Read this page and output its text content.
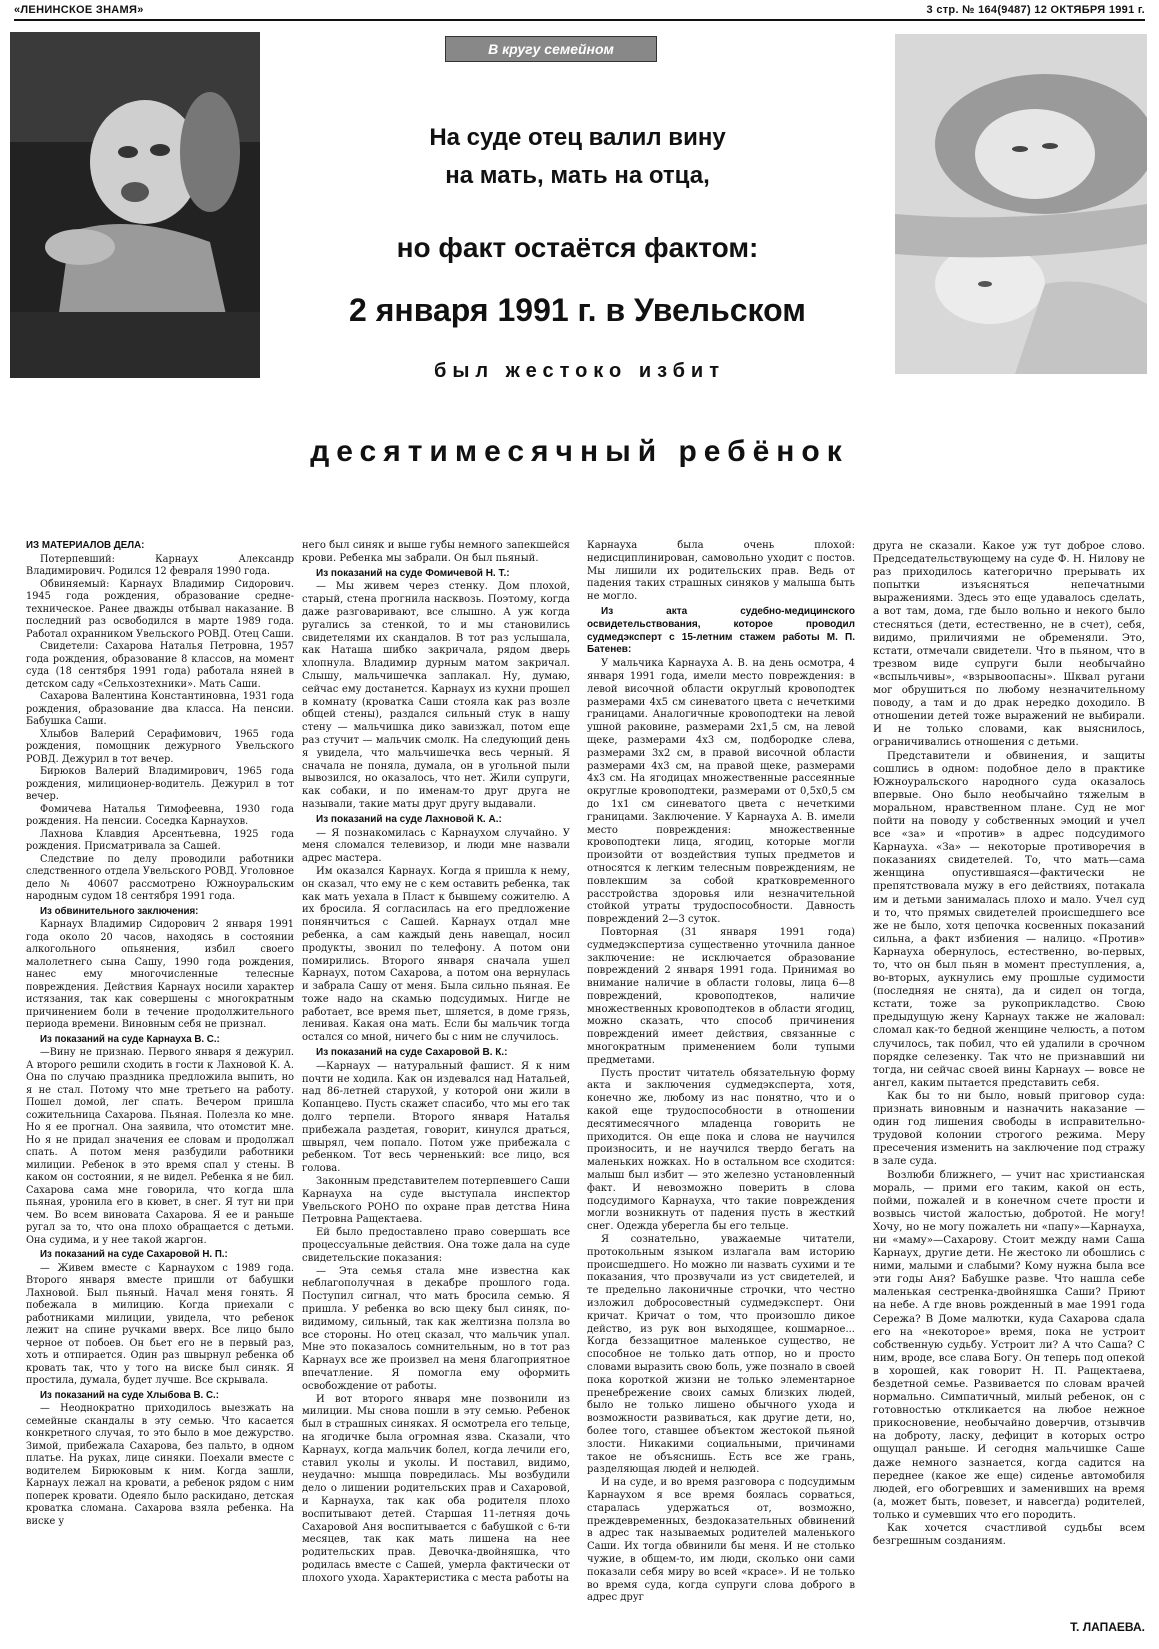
«ЛЕНИНСКОЕ ЗНАМЯ»	3 стр. № 164(9487) 12 ОКТЯБРЯ 1991 г.
В кругу семейном
На суде отец валил вину
на мать, мать на отца,
но факт остаётся фактом:
2 января 1991 г. в Увельском
был жестоко избит
десятимесячный ребёнок

ИЗ МАТЕРИАЛОВ ДЕЛА:

Потерпевший: Карнаух Александр Владимирович. Родился 12 февраля 1990 года.

Обвиняемый: Карнаух Владимир Сидорович. 1945 года рождения, образование средне-техническое. Ранее дважды отбывал наказание. В последний раз освободился в марте 1989 года. Работал охранником Увельского РОВД. Отец Саши.

Свидетели: Сахарова Наталья Петровна, 1957 года рождения, образование 8 классов, на момент суда (18 сентября 1991 года) работала няней в детском саду «Сельхозтехники». Мать Саши.

Сахарова Валентина Константиновна, 1931 года рождения, образование два класса. На пенсии. Бабушка Саши.

Хлыбов Валерий Серафимович, 1965 года рождения, помощник дежурного Увельского РОВД. Дежурил в тот вечер.

Бирюков Валерий Владимирович, 1965 года рождения, милиционер-водитель. Дежурил в тот вечер.

Фомичева Наталья Тимофеевна, 1930 года рождения. На пенсии. Соседка Карнаухов.

Лахнова Клавдия Арсентьевна, 1925 года рождения. Присматривала за Сашей.

Следствие по делу проводили работники следственного отдела Увельского РОВД. Уголовное дело № 40607 рассмотрено Южноуральским народным судом 18 сентября 1991 года.

Из обвинительного заключения:

Карнаух Владимир Сидорович 2 января 1991 года около 20 часов, находясь в состоянии алкогольного опьянения, избил своего малолетнего сына Сашу, 1990 года рождения, нанес ему многочисленные телесные повреждения. Действия Карнаух носили характер истязания, так как совершены с многократным причинением боли в течение продолжительного периода времени. Виновным себя не признал.

Из показаний на суде Карнауха В. С.:

—Вину не признаю. Первого января я дежурил. А второго решили сходить в гости к Лахновой К. А. Она по случаю праздника предложила выпить, но я не стал. Потому что мне третьего на работу. Пошел домой, лег спать. Вечером пришла сожительница Сахарова. Пьяная. Полезла ко мне. Но я ее прогнал. Она заявила, что отомстит мне. Но я не придал значения ее словам и продолжал спать. А потом меня разбудили работники милиции. Ребенок в это время спал у стены. В каком он состоянии, я не видел. Ребенка я не бил. Сахарова сама мне говорила, что когда шла пьяная, уронила его в кювет, в снег. Я тут ни при чем. Во всем виновата Сахарова. Я ее и раньше ругал за то, что она плохо обращается с детьми. Она судима, и у нее такой жаргон.

Из показаний на суде Сахаровой Н. П.:

— Живем вместе с Карнаухом с 1989 года. Второго января вместе пришли от бабушки Лахновой. Был пьяный. Начал меня гонять. Я побежала в милицию. Когда приехали с работниками милиции, увидела, что ребенок лежит на спине ручками вверх. Все лицо было черное от побоев. Он бьет его не в первый раз, хоть и отпирается. Один раз швырнул ребенка об кровать так, что у того на виске был синяк. Я простила, думала, будет лучше. Все скрывала.

Из показаний на суде Хлыбова В. С.:

— Неоднократно приходилось выезжать на семейные скандалы в эту семью. Что касается конкретного случая, то это было в мое дежурство. Зимой, прибежала Сахарова, без пальто, в одном платье. На руках, лице синяки. Поехали вместе с водителем Бирюковым к ним. Когда зашли, Карнаух лежал на кровати, а ребенок рядом с ним поперек кровати. Одеяло было раскидано, детская кроватка сломана. Сахарова взяла ребенка. На виске у

него был синяк и выше губы немного запекшейся крови. Ребенка мы забрали. Он был пьяный.

Из показаний на суде Фомичевой Н. Т.:

— Мы живем через стенку. Дом плохой, старый, стена прогнила насквозь. Поэтому, когда даже разговаривают, все слышно. А уж когда ругались за стенкой, то и мы становились свидетелями их скандалов. В тот раз услышала, как Наташа шибко закричала, рядом дверь хлопнула. Владимир дурным матом закричал. Слышу, мальчишечка заплакал. Ну, думаю, сейчас ему достанется. Карнаух из кухни прошел в комнату (кроватка Саши стояла как раз возле общей стены), раздался сильный стук в нашу стену — мальчишка дико завизжал, потом еще раз стучит — мальчик смолк. На следующий день я увидела, что мальчишечка весь черный. Я сначала не поняла, думала, он в угольной пыли вывозился, но оказалось, что нет. Жили супруги, как собаки, и по именам-то друг друга не называли, такие маты друг другу выдавали.

Из показаний на суде Лахновой К. А.:

— Я познакомилась с Карнаухом случайно. У меня сломался телевизор, и люди мне назвали адрес мастера.

Им оказался Карнаух. Когда я пришла к нему, он сказал, что ему не с кем оставить ребенка, так как мать уехала в Пласт к бывшему сожителю. А их бросила. Я согласилась на его предложение понянчиться с Сашей. Карнаух отдал мне ребенка, а сам каждый день навещал, носил продукты, звонил по телефону. А потом они помирились. Второго января сначала ушел Карнаух, потом Сахарова, а потом она вернулась и забрала Сашу от меня. Была сильно пьяная. Ее тоже надо на скамью подсудимых. Нигде не работает, все время пьет, шляется, в доме грязь, ленивая. Какая она мать. Если бы мальчик тогда остался со мной, ничего бы с ним не случилось.

Из показаний на суде Сахаровой В. К.:

—Карнаух — натуральный фашист. Я к ним почти не ходила. Как он издевался над Натальей, над 86-летней старухой, у которой они жили в Копанцево. Пусть скажет спасибо, что мы его так долго терпели. Второго января Наталья прибежала раздетая, говорит, кинулся драться, швырял, чем попало. Потом уже прибежала с ребенком. Тот весь черненький: все лицо, вся голова.

Законным представителем потерпевшего Саши Карнауха на суде выступала инспектор Увельского РОНО по охране прав детства Нина Петровна Ращектаева.

Ей было предоставлено право совершать все процессуальные действия. Она тоже дала на суде свидетельские показания:

— Эта семья стала мне известна как неблагополучная в декабре прошлого года. Поступил сигнал, что мать бросила семью. Я пришла. У ребенка во всю щеку был синяк, по-видимому, сильный, так как желтизна ползла во все стороны. Но отец сказал, что мальчик упал. Мне это показалось сомнительным, но в тот раз Карнаух все же произвел на меня благоприятное впечатление. Я помогла ему оформить освобождение от работы.

И вот второго января мне позвонили из милиции. Мы снова пошли в эту семью. Ребенок был в страшных синяках. Я осмотрела его тельце, на ягодичке была огромная язва. Сказали, что Карнаух, когда мальчик болел, когда лечили его, ставил уколы и уколы. И поставил, видимо, неудачно: мышца повредилась. Мы возбудили дело о лишении родительских прав и Сахаровой, и Карнауха, так как оба родителя плохо воспитывают детей. Старшая 11-летняя дочь Сахаровой Аня воспитывается с бабушкой с 6-ти месяцев, так как мать лишена на нее родительских прав. Девочка-двойняшка, что родилась вместе с Сашей, умерла фактически от плохого ухода. Характеристика с места работы на

Карнауха была очень плохой: недисциплинирован, самовольно уходит с постов. Мы лишили их родительских прав. Ведь от падения таких страшных синяков у малыша быть не могло.

Из акта судебно-медицинского освидетельствования, которое проводил судмедэксперт с 15-летним стажем работы М. П. Батенев:

У мальчика Карнауха А. В. на день осмотра, 4 января 1991 года, имели место повреждения: в левой височной области округлый кровоподтек размерами 4х5 см синеватого цвета с нечеткими границами. Аналогичные кровоподтеки на левой ушной раковине, размерами 2х1,5 см, на левой щеке, размерами 4х3 см, подбородке слева, размерами 3х2 см, в правой височной области размерами 4х3 см, на правой щеке, размерами 4х3 см. На ягодицах множественные рассеянные округлые кровоподтеки, размерами от 0,5х0,5 см до 1х1 см синеватого цвета с нечеткими границами. Заключение. У Карнауха А. В. имели место повреждения: множественные кровоподтеки лица, ягодиц, которые могли произойти от воздействия тупых предметов и относятся к легким телесным повреждениям, не повлекшим за собой кратковременного расстройства здоровья или незначительной стойкой утраты трудоспособности. Давность повреждений 2—3 суток.

Повторная (31 января 1991 года) судмедэкспертиза существенно уточнила данное заключение: не исключается образование повреждений 2 января 1991 года. Принимая во внимание наличие в области головы, лица 6—8 повреждений, кровоподтеков, наличие множественных кровоподтеков в области ягодиц, можно сказать, что способ причинения повреждений имеет действия, связанные с многократным применением боли тупыми предметами.

Пусть простит читатель обязательную форму акта и заключения судмедэксперта, хотя, конечно же, любому из нас понятно, что и о какой еще трудоспособности в отношении десятимесячного младенца говорить не приходится. Он еще пока и слова не научился произносить, и не научился твердо бегать на маленьких ножках. Но в остальном все сходится: малыш был избит — это железно установленный факт. И невозможно поверить в слова подсудимого Карнауха, что такие повреждения могли возникнуть от падения пусть в жесткий снег. Одежда уберегла бы его тельце.

Я сознательно, уважаемые читатели, протокольным языком излагала вам историю происшедшего. Но можно ли назвать сухими и те показания, что прозвучали из уст свидетелей, и те предельно лаконичные строчки, что честно изложил добросовестный судмедэксперт. Они кричат. Кричат о том, что произошло дикое действо, из рук вон выходящее, кошмарное... Когда беззащитное маленькое существо, не способное не только дать отпор, но и просто словами выразить свою боль, уже познало в своей пока короткой жизни не только элементарное пренебрежение своих самых близких людей, было не только лишено обычного ухода и возможности развиваться, как другие дети, но, более того, ставшее объектом жестокой пьяной злости. Никакими социальными, причинами такое не объяснишь. Есть все же грань, разделяющая людей и нелюдей.

И на суде, и во время разговора с подсудимым Карнаухом я все время боялась сорваться, старалась удержаться от, возможно, преждевременных, бездоказательных обвинений в адрес так называемых родителей маленького Саши. Их тогда обвинили бы меня. И не столько чужие, в общем-то, им люди, сколько они сами показали себя миру во всей «красе». И не только во время суда, когда супруги слова доброго в адрес друг

друга не сказали. Какое уж тут доброе слово. Председательствующему на суде Ф. Н. Нилову не раз приходилось категорично прерывать их попытки изъясняться непечатными выражениями. Здесь это еще удавалось сделать, а вот там, дома, где было вольно и некого было стесняться (дети, естественно, не в счет), себя, видимо, приличиями не обременяли. Это, кстати, отмечали свидетели. Что в пьяном, что в трезвом виде супруги были необычайно «вспыльчивы», «взрывоопасны». Шквал ругани мог обрушиться по любому незначительному поводу, а там и до драк нередко доходило. В отношении детей тоже выражений не выбирали. И не только словами, как выяснилось, ограничивались отношения с детьми.

Представители и обвинения, и защиты сошлись в одном: подобное дело в практике Южноуральского народного суда оказалось впервые. Оно было необычайно тяжелым в моральном, нравственном плане. Суд не мог пойти на поводу у собственных эмоций и учел все «за» и «против» в адрес подсудимого Карнауха. «За» — некоторые противоречия в показаниях свидетелей. То, что мать—сама женщина опустившаяся—фактически не препятствовала мужу в его действиях, потакала им и детьми занималась плохо и мало. Учел суд и то, что прямых свидетелей происшедшего все же не было, хотя цепочка косвенных показаний сильна, а факт избиения — налицо. «Против» Карнауха обернулось, естественно, во-первых, то, что он был пьян в момент преступления, а, во-вторых, аукнулись ему прошлые судимости (последняя не снята), да и сидел он тогда, кстати, тоже за рукоприкладство. Свою предыдущую жену Карнаух также не жаловал: сломал как-то бедной женщине челюсть, а потом случилось, так побил, что ей удалили в срочном порядке селезенку. Так что не признавший ни тогда, ни сейчас своей вины Карнаух — вовсе не ангел, каким пытается представить себя.

Как бы то ни было, новый приговор суда: признать виновным и назначить наказание — один год лишения свободы в исправительно-трудовой колонии строгого режима. Меру пресечения изменить на заключение под стражу в зале суда.

Возлюби ближнего, — учит нас христианская мораль, — прими его таким, какой он есть, пойми, пожалей и в конечном счете прости и возвысь чистой жалостью, добротой. Не могу! Хочу, но не могу пожалеть ни «папу»—Карнауха, ни «маму»—Сахарову. Стоит между нами Саша Карнаух, другие дети. Не жестоко ли обошлись с ними, малыми и слабыми? Кому нужна была все эти годы Аня? Бабушке разве. Что нашла себе маленькая сестренка-двойняшка Саши? Приют на небе. А где вновь рожденный в мае 1991 года Сережа? В Доме малютки, куда Сахарова сдала его на «некоторое» время, пока не устроит собственную судьбу. Устроит ли? А что Саша? С ним, вроде, все слава Богу. Он теперь под опекой в хорошей, как говорит Н. П. Ращектаева, бездетной семье. Развивается по словам врачей нормально. Симпатичный, милый ребенок, он с готовностью откликается на любое нежное прикосновение, необычайно доверчив, отзывчив на доброту, ласку, дефицит в которых остро ощущал раньше. И сегодня мальчишке Саше даже немного зазнается, когда садится на переднее (какое же еще) сиденье автомобиля людей, его обогревших и заменивших на время (а, может быть, повезет, и навсегда) родителей, только и сумевших что его породить.

Как хочется счастливой судьбы всем безгрешным созданиям.

Т. ЛАПАЕВА.
